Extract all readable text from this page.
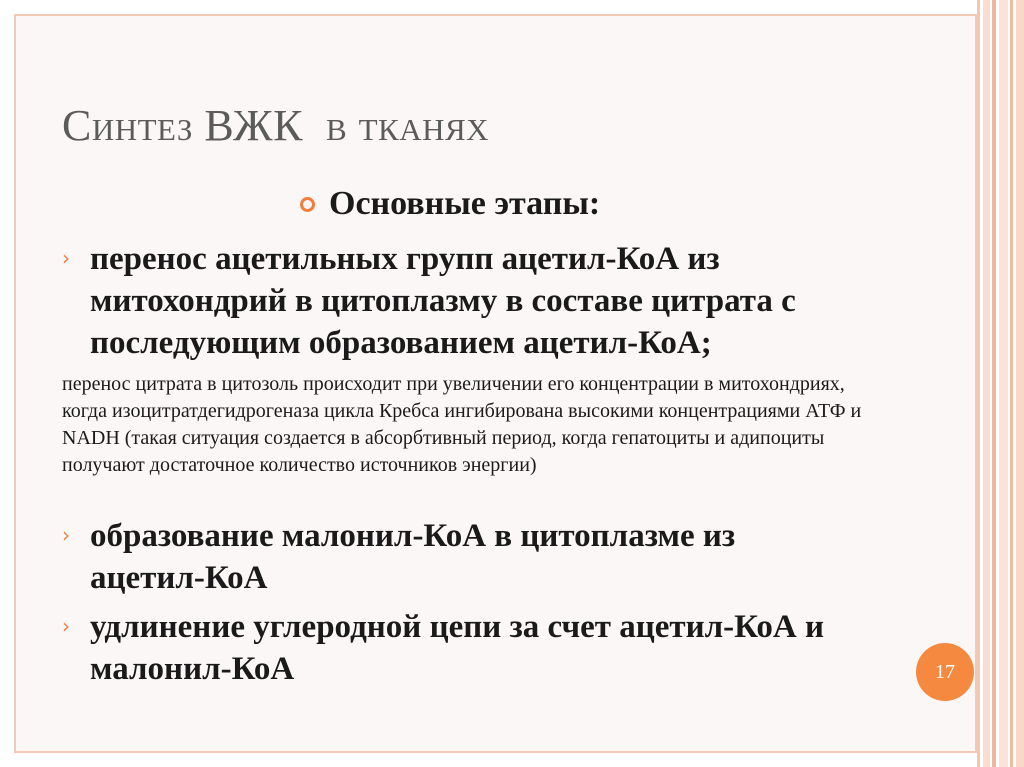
Синтез ВЖК в тканях
Основные этапы:
› перенос ацетильных групп ацетил-КоА из митохондрий в цитоплазму в составе цитрата с последующим образованием ацетил-КоА;
перенос цитрата в цитозоль происходит при увеличении его концентрации в митохондриях, когда изоцитратдегидрогеназа цикла Кребса ингибирована высокими концентрациями АТФ и NADH (такая ситуация создается в абсорбтивный период, когда гепатоциты и адипоциты получают достаточное количество источников энергии)
› образование малонил-КоА в цитоплазме из ацетил-КоА
› удлинение углеродной цепи за счет ацетил-КоА и малонил-КоА	17
